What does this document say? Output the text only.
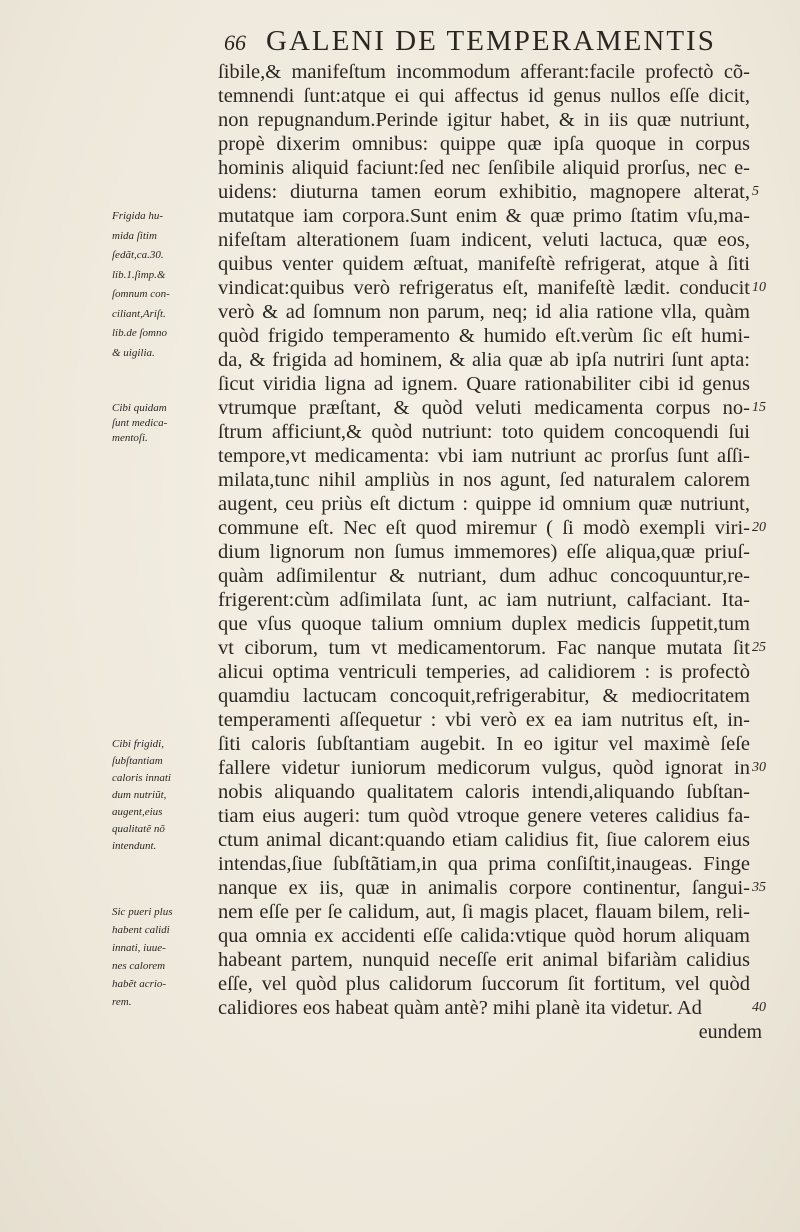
66 GALENI DE TEMPERAMENTIS
ſibile,& manifeſtum incommodum afferant:facile profectò cõ-
temnendi ſunt:atque ei qui affectus id genus nullos eſſe dicit,
non repugnandum.Perinde igitur habet, & in iis quæ nutriunt,
propè dixerim omnibus: quippe quæ ipſa quoque in corpus
hominis aliquid faciunt:ſed nec ſenſibile aliquid prorſus, nec e-
uidens: diuturna tamen eorum exhibitio, magnopere alterat,
mutatque iam corpora.Sunt enim & quæ primo ſtatim vſu,ma-
nifeſtam alterationem ſuam indicent, veluti lactuca, quæ eos,
quibus venter quidem æſtuat, manifeſtè refrigerat, atque à ſiti
vindicat:quibus verò refrigeratus eſt, manifeſtè lædit. conducit
verò & ad ſomnum non parum, neq; id alia ratione vlla, quàm
quòd frigido temperamento & humido eſt.verùm ſic eſt humi-
da, & frigida ad hominem, & alia quæ ab ipſa nutriri ſunt apta:
ſicut viridia ligna ad ignem. Quare rationabiliter cibi id genus
vtrumque præſtant, & quòd veluti medicamenta corpus no-
ſtrum afficiunt,& quòd nutriunt: toto quidem concoquendi ſui
tempore,vt medicamenta: vbi iam nutriunt ac prorſus ſunt aſſi-
milata,tunc nihil ampliùs in nos agunt, ſed naturalem calorem
augent, ceu priùs eſt dictum : quippe id omnium quæ nutriunt,
commune eſt. Nec eſt quod miremur ( ſi modò exempli viri-
dium lignorum non ſumus immemores) eſſe aliqua,quæ priuſ-
quàm adſimilentur & nutriant, dum adhuc concoquuntur,re-
frigerent:cùm adſimilata ſunt, ac iam nutriunt, calfaciant. Ita-
que vſus quoque talium omnium duplex medicis ſuppetit,tum
vt ciborum, tum vt medicamentorum. Fac nanque mutata ſit
alicui optima ventriculi temperies, ad calidiorem : is profectò
quamdiu lactucam concoquit,refrigerabitur, & mediocritatem
temperamenti aſſequetur : vbi verò ex ea iam nutritus eſt, in-
ſiti caloris ſubſtantiam augebit. In eo igitur vel maximè ſeſe
fallere videtur iuniorum medicorum vulgus, quòd ignorat in
nobis aliquando qualitatem caloris intendi,aliquando ſubſtan-
tiam eius augeri: tum quòd vtroque genere veteres calidius fa-
ctum animal dicant:quando etiam calidius fit, ſiue calorem eius
intendas,ſiue ſubſtãtiam,in qua prima conſiſtit,inaugeas. Finge
nanque ex iis, quæ in animalis corpore continentur, ſangui-
nem eſſe per ſe calidum, aut, ſi magis placet, flauam bilem, reli-
qua omnia ex accidenti eſſe calida:vtique quòd horum aliquam
habeant partem, nunquid neceſſe erit animal bifariàm calidius
eſſe, vel quòd plus calidorum ſuccorum ſit fortitum, vel quòd
calidiores eos habeat quàm antè? mihi planè ita videtur. Ad
eundem
5
10
15
20
25
30
35
40
Frigida hu-
mida ſitim
ſedãt,ca.30.
lib.1.ſimp.&
ſomnum con-
ciliant,Ariſt.
lib.de ſomno
& uigilia.
Cibi quidam
ſunt medica-
mentoſi.
Cibi frigidi,
ſubſtantiam
caloris innati
dum nutriũt,
augent,eius
qualitatẽ nõ
intendunt.
Sic pueri plus
habent calidi
innati, iuue-
nes calorem
habẽt acrio-
rem.
